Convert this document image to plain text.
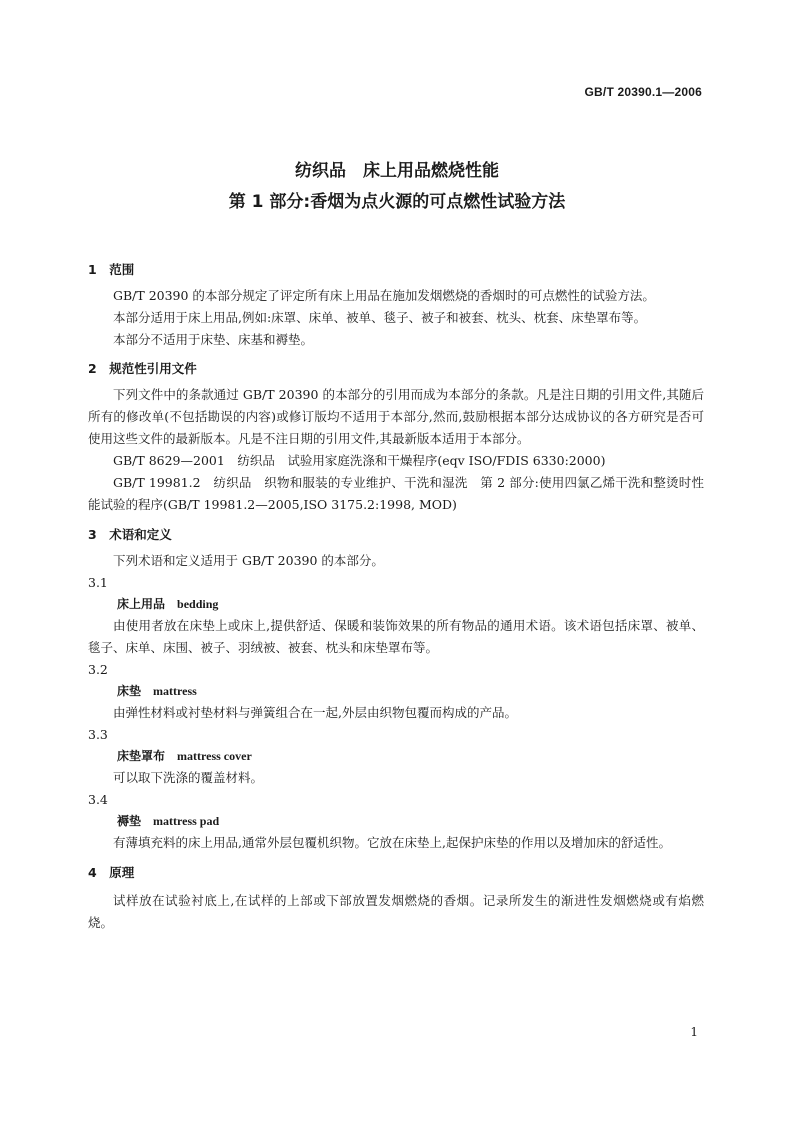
GB/T 20390.1—2006
纺织品　床上用品燃烧性能
第 1 部分:香烟为点火源的可点燃性试验方法
1　范围

GB/T 20390 的本部分规定了评定所有床上用品在施加发烟燃烧的香烟时的可点燃性的试验方法。

本部分适用于床上用品,例如:床罩、床单、被单、毯子、被子和被套、枕头、枕套、床垫罩布等。

本部分不适用于床垫、床基和褥垫。

2　规范性引用文件

下列文件中的条款通过 GB/T 20390 的本部分的引用而成为本部分的条款。凡是注日期的引用文件,其随后所有的修改单(不包括勘误的内容)或修订版均不适用于本部分,然而,鼓励根据本部分达成协议的各方研究是否可使用这些文件的最新版本。凡是不注日期的引用文件,其最新版本适用于本部分。

GB/T 8629—2001　纺织品　试验用家庭洗涤和干燥程序(eqv ISO/FDIS 6330:2000)

GB/T 19981.2　纺织品　织物和服装的专业维护、干洗和湿洗　第 2 部分:使用四氯乙烯干洗和整烫时性能试验的程序(GB/T 19981.2—2005,ISO 3175.2:1998, MOD)

3　术语和定义

下列术语和定义适用于 GB/T 20390 的本部分。

3.1

床上用品　 bedding

由使用者放在床垫上或床上,提供舒适、保暖和装饰效果的所有物品的通用术语。该术语包括床罩、被单、毯子、床单、床围、被子、羽绒被、被套、枕头和床垫罩布等。

3.2

床垫　 mattress

由弹性材料或衬垫材料与弹簧组合在一起,外层由织物包覆而构成的产品。

3.3

床垫罩布　 mattress cover

可以取下洗涤的覆盖材料。

3.4

褥垫　 mattress pad

有薄填充料的床上用品,通常外层包覆机织物。它放在床垫上,起保护床垫的作用以及增加床的舒适性。

4　原理

试样放在试验衬底上,在试样的上部或下部放置发烟燃烧的香烟。记录所发生的渐进性发烟燃烧或有焰燃烧。

1
